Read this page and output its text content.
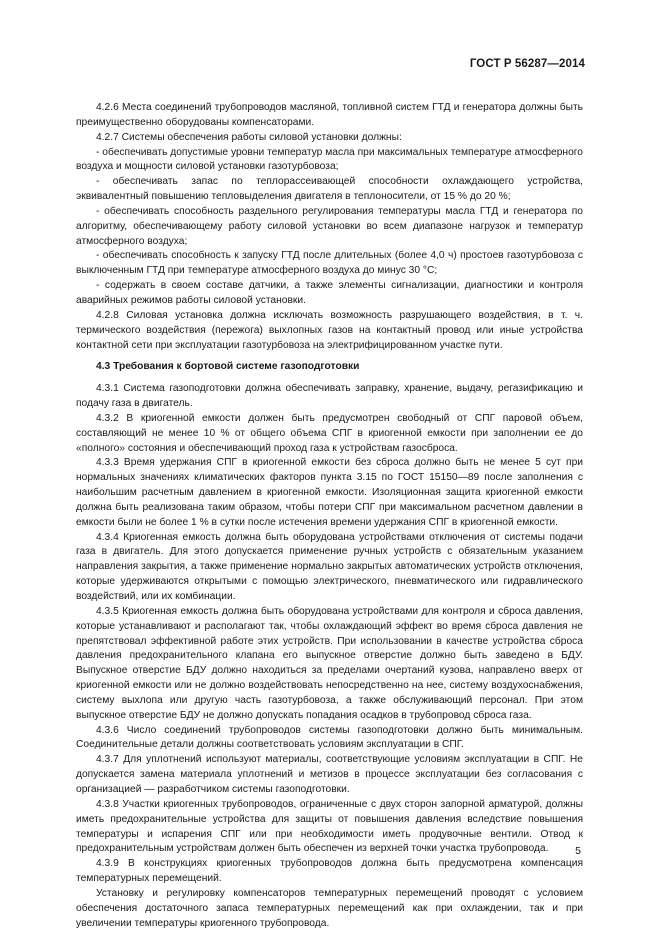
ГОСТ Р 56287—2014

4.2.6 Места соединений трубопроводов масляной, топливной систем ГТД и генератора должны быть преимущественно оборудованы компенсаторами.

4.2.7 Системы обеспечения работы силовой установки должны:

- обеспечивать допустимые уровни температур масла при максимальных температуре атмосферного воздуха и мощности силовой установки газотурбовоза;

- обеспечивать запас по теплорассеивающей способности охлаждающего устройства, эквивалентный повышению тепловыделения двигателя в теплоносители, от 15 % до 20 %;

- обеспечивать способность раздельного регулирования температуры масла ГТД и генератора по алгоритму, обеспечивающему работу силовой установки во всем диапазоне нагрузок и температур атмосферного воздуха;

- обеспечивать способность к запуску ГТД после длительных (более 4,0 ч) простоев газотурбовоза с выключенным ГТД при температуре атмосферного воздуха до минус 30 °С;

- содержать в своем составе датчики, а также элементы сигнализации, диагностики и контроля аварийных режимов работы силовой установки.

4.2.8 Силовая установка должна исключать возможность разрушающего воздействия, в т. ч. термического воздействия (пережога) выхлопных газов на контактный провод или иные устройства контактной сети при эксплуатации газотурбовоза на электрифицированном участке пути.

4.3 Требования к бортовой системе газоподготовки

4.3.1 Система газоподготовки должна обеспечивать заправку, хранение, выдачу, регазификацию и подачу газа в двигатель.

4.3.2 В криогенной емкости должен быть предусмотрен свободный от СПГ паровой объем, составляющий не менее 10 % от общего объема СПГ в криогенной емкости при заполнении ее до «полного» состояния и обеспечивающий проход газа к устройствам газосброса.

4.3.3 Время удержания СПГ в криогенной емкости без сброса должно быть не менее 5 сут при нормальных значениях климатических факторов пункта 3.15 по ГОСТ 15150—89 после заполнения с наибольшим расчетным давлением в криогенной емкости. Изоляционная защита криогенной емкости должна быть реализована таким образом, чтобы потери СПГ при максимальном расчетном давлении в емкости были не более 1 % в сутки после истечения времени удержания СПГ в криогенной емкости.

4.3.4 Криогенная емкость должна быть оборудована устройствами отключения от системы подачи газа в двигатель. Для этого допускается применение ручных устройств с обязательным указанием направления закрытия, а также применение нормально закрытых автоматических устройств отключения, которые удерживаются открытыми с помощью электрического, пневматического или гидравлического воздействий, или их комбинации.

4.3.5 Криогенная емкость должна быть оборудована устройствами для контроля и сброса давления, которые устанавливают и располагают так, чтобы охлаждающий эффект во время сброса давления не препятствовал эффективной работе этих устройств. При использовании в качестве устройства сброса давления предохранительного клапана его выпускное отверстие должно быть заведено в БДУ. Выпускное отверстие БДУ должно находиться за пределами очертаний кузова, направлено вверх от криогенной емкости или не должно воздействовать непосредственно на нее, систему воздухоснабжения, систему выхлопа или другую часть газотурбовоза, а также обслуживающий персонал. При этом выпускное отверстие БДУ не должно допускать попадания осадков в трубопровод сброса газа.

4.3.6 Число соединений трубопроводов системы газоподготовки должно быть минимальным. Соединительные детали должны соответствовать условиям эксплуатации в СПГ.

4.3.7 Для уплотнений используют материалы, соответствующие условиям эксплуатации в СПГ. Не допускается замена материала уплотнений и метизов в процессе эксплуатации без согласования с организацией — разработчиком системы газоподготовки.

4.3.8 Участки криогенных трубопроводов, ограниченные с двух сторон запорной арматурой, должны иметь предохранительные устройства для защиты от повышения давления вследствие повышения температуры и испарения СПГ или при необходимости иметь продувочные вентили. Отвод к предохранительным устройствам должен быть обеспечен из верхней точки участка трубопровода.

4.3.9 В конструкциях криогенных трубопроводов должна быть предусмотрена компенсация температурных перемещений.

Установку и регулировку компенсаторов температурных перемещений проводят с условием обеспечения достаточного запаса температурных перемещений как при охлаждении, так и при увеличении температуры криогенного трубопровода.

5
